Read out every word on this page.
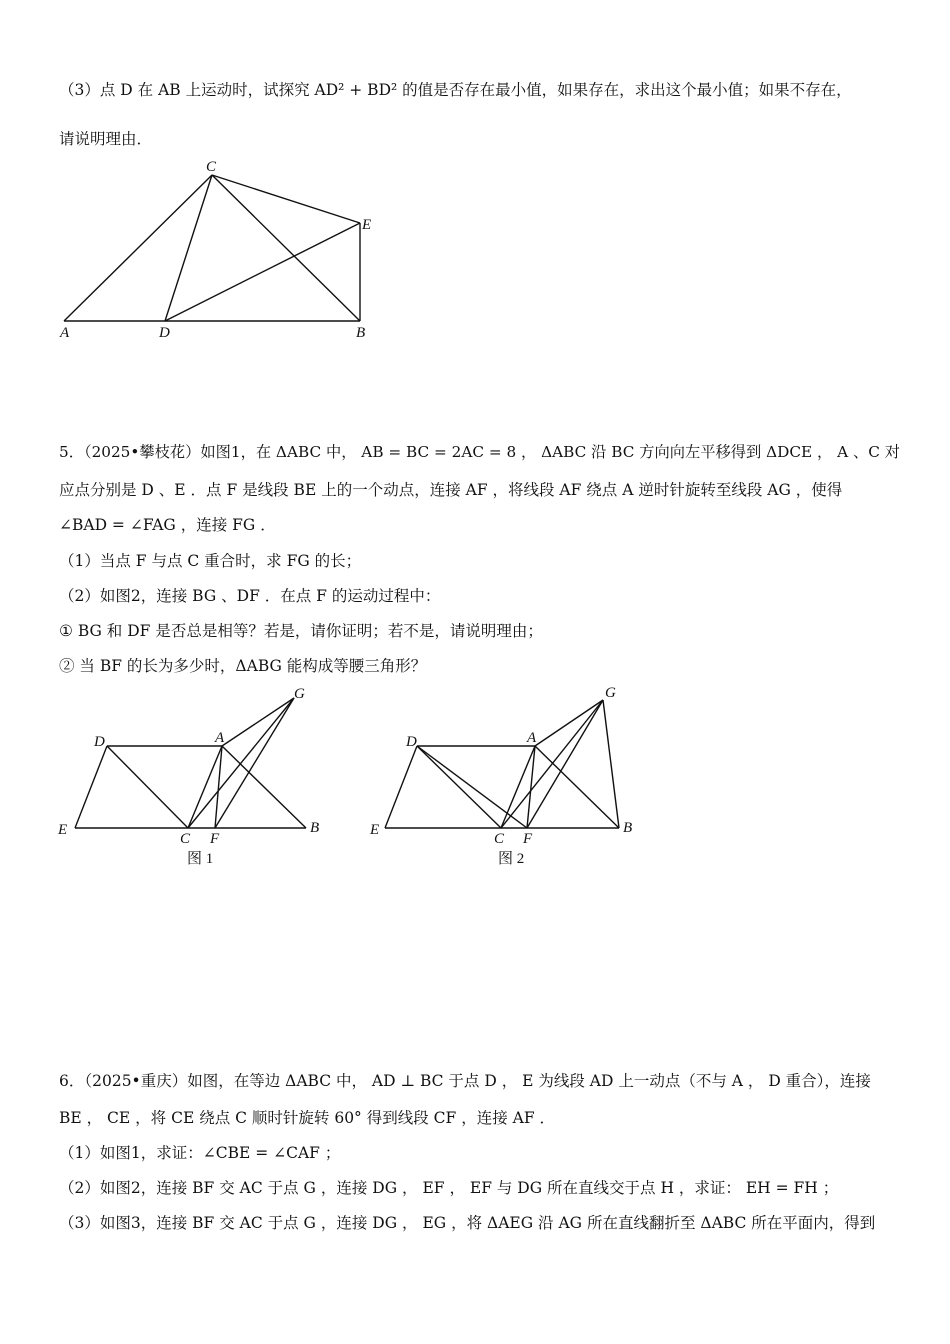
（3）点 D 在 AB 上运动时，试探究 AD² + BD² 的值是否存在最小值，如果存在，求出这个最小值；如果不存在，
请说明理由．
C
E
A	D	B
5．（2025•攀枝花）如图1，在 ΔABC 中， AB = BC = 2AC = 8 ， ΔABC 沿 BC 方向向左平移得到 ΔDCE ， A 、C 对
应点分别是 D 、E ．点 F 是线段 BE 上的一个动点，连接 AF ，将线段 AF 绕点 A 逆时针旋转至线段 AG ，使得
∠BAD = ∠FAG ，连接 FG ．
（1）当点 F 与点 C 重合时，求 FG 的长；
（2）如图2，连接 BG 、DF ．在点 F 的运动过程中：
① BG 和 DF 是否总是相等？若是，请你证明；若不是，请说明理由；
② 当 BF 的长为多少时，ΔABG 能构成等腰三角形？
D	A
G
E
C F
B
图 1
D	A
G
E
C F
B
图 2
6．（2025•重庆）如图，在等边 ΔABC 中， AD ⊥ BC 于点 D ， E 为线段 AD 上一动点（不与 A ， D 重合），连接
BE ， CE ，将 CE 绕点 C 顺时针旋转 60° 得到线段 CF ，连接 AF ．
（1）如图1，求证：∠CBE = ∠CAF ；
（2）如图2，连接 BF 交 AC 于点 G ，连接 DG ， EF ， EF 与 DG 所在直线交于点 H ，求证： EH = FH ；
（3）如图3，连接 BF 交 AC 于点 G ，连接 DG ， EG ，将 ΔAEG 沿 AG 所在直线翻折至 ΔABC 所在平面内，得到
